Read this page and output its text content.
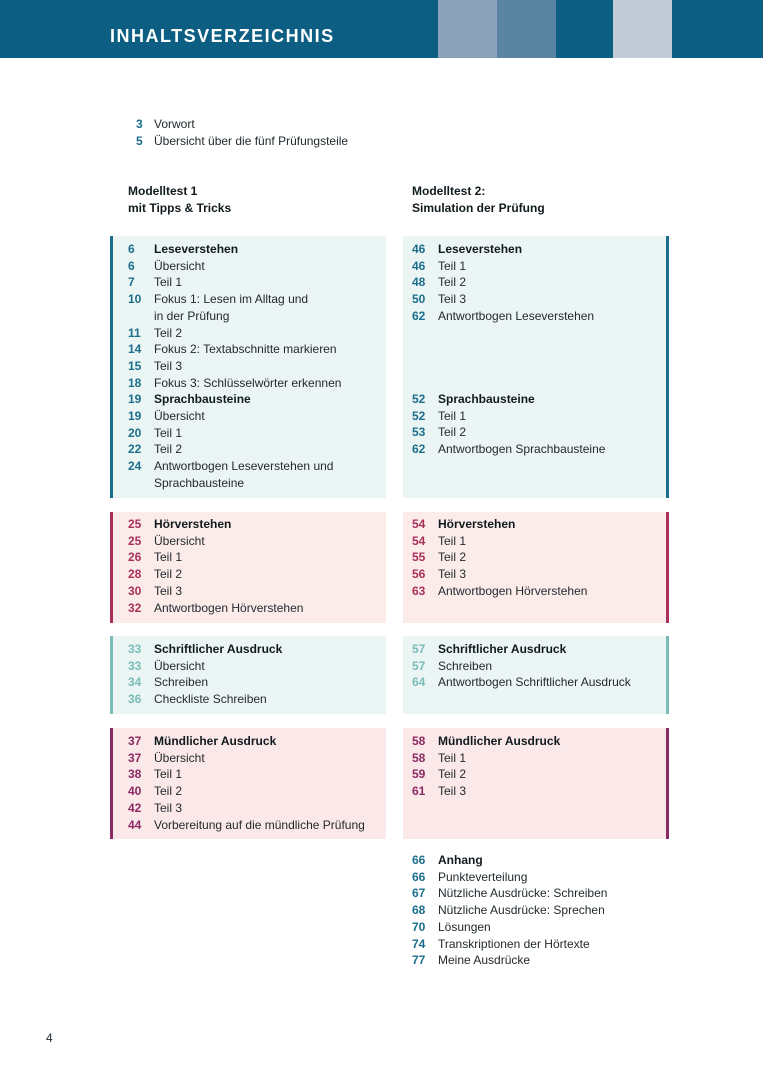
INHALTSVERZEICHNIS
3 Vorwort
5 Übersicht über die fünf Prüfungsteile
Modelltest 1
mit Tipps & Tricks
Modelltest 2:
Simulation der Prüfung
6 Leseverstehen
6 Übersicht
7 Teil 1
10 Fokus 1: Lesen im Alltag und
in der Prüfung
11 Teil 2
14 Fokus 2: Textabschnitte markieren
15 Teil 3
18 Fokus 3: Schlüsselwörter erkennen
19 Sprachbausteine
19 Übersicht
20 Teil 1
22 Teil 2
24 Antwortbogen Leseverstehen und
Sprachbausteine
25 Hörverstehen
25 Übersicht
26 Teil 1
28 Teil 2
30 Teil 3
32 Antwortbogen Hörverstehen
33 Schriftlicher Ausdruck
33 Übersicht
34 Schreiben
36 Checkliste Schreiben
37 Mündlicher Ausdruck
37 Übersicht
38 Teil 1
40 Teil 2
42 Teil 3
44 Vorbereitung auf die mündliche Prüfung
46 Leseverstehen
46 Teil 1
48 Teil 2
50 Teil 3
62 Antwortbogen Leseverstehen
52 Sprachbausteine
52 Teil 1
53 Teil 2
62 Antwortbogen Sprachbausteine
54 Hörverstehen
54 Teil 1
55 Teil 2
56 Teil 3
63 Antwortbogen Hörverstehen
57 Schriftlicher Ausdruck
57 Schreiben
64 Antwortbogen Schriftlicher Ausdruck
58 Mündlicher Ausdruck
58 Teil 1
59 Teil 2
61 Teil 3
66 Anhang
66 Punkteverteilung
67 Nützliche Ausdrücke: Schreiben
68 Nützliche Ausdrücke: Sprechen
70 Lösungen
74 Transkriptionen der Hörtexte
77 Meine Ausdrücke
4
